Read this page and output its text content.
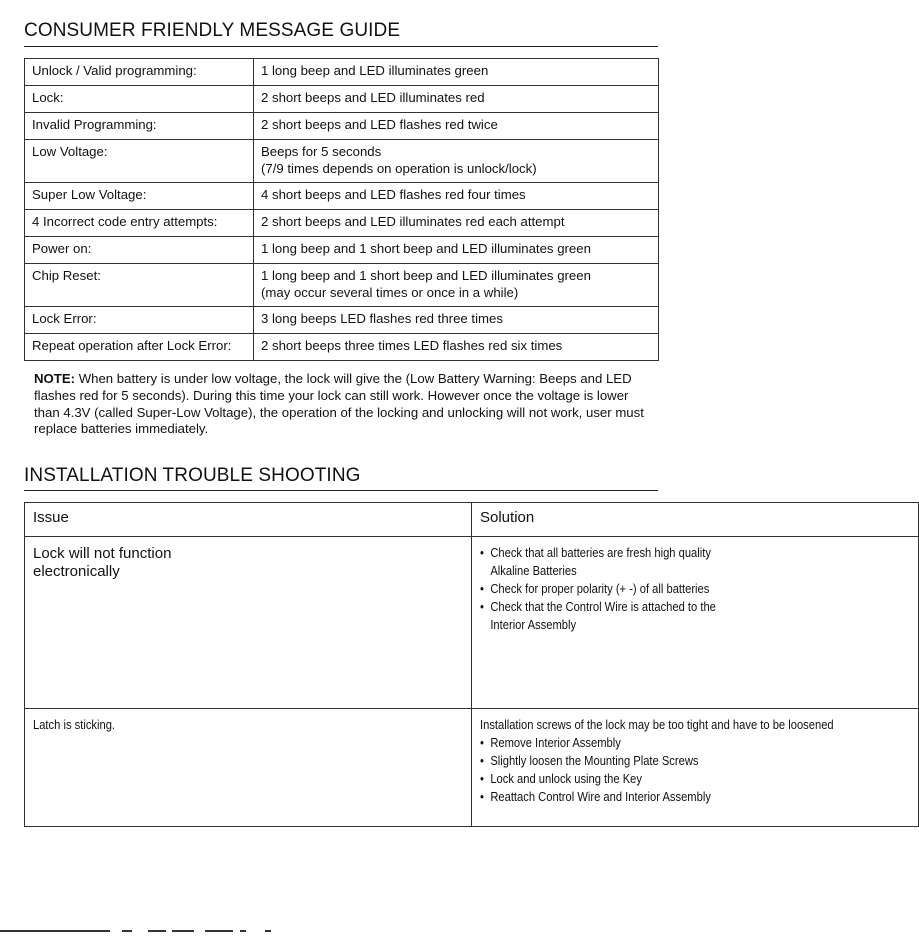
CONSUMER FRIENDLY MESSAGE GUIDE
Unlock / Valid programming:	1 long beep and LED illuminates green

Lock:	2 short beeps and LED illuminates red

Invalid Programming:	2 short beeps and LED flashes red twice

Low Voltage:	Beeps for 5 seconds
(7/9 times depends on operation is unlock/lock)

Super Low Voltage:	4 short beeps and LED flashes red four times

4 Incorrect code entry attempts:	2 short beeps and LED illuminates red each attempt

Power on:	1 long beep and 1 short beep and LED illuminates green

Chip Reset:	1 long beep and 1 short beep and LED illuminates green
(may occur several times or once in a while)

Lock Error:	3 long beeps LED flashes red three times

Repeat operation after Lock Error:	2 short beeps three times LED flashes red six times
NOTE: When battery is under low voltage, the lock will give the (Low Battery Warning: Beeps and LED flashes red for 5 seconds). During this time your lock can still work. However once the voltage is lower than 4.3V (called Super-Low Voltage), the operation of the locking and unlocking will not work, user must replace batteries immediately.
INSTALLATION TROUBLE SHOOTING
Issue	Solution

Lock will not function electronically	• Check that all batteries are fresh high quality Alkaline Batteries
• Check for proper polarity (+ -) of all batteries
• Check that the Control Wire is attached to the Interior Assembly

Latch is sticking.	Installation screws of the lock may be too tight and have to be loosened
• Remove Interior Assembly
• Slightly loosen the Mounting Plate Screws
• Lock and unlock using the Key
• Reattach Control Wire and Interior Assembly
